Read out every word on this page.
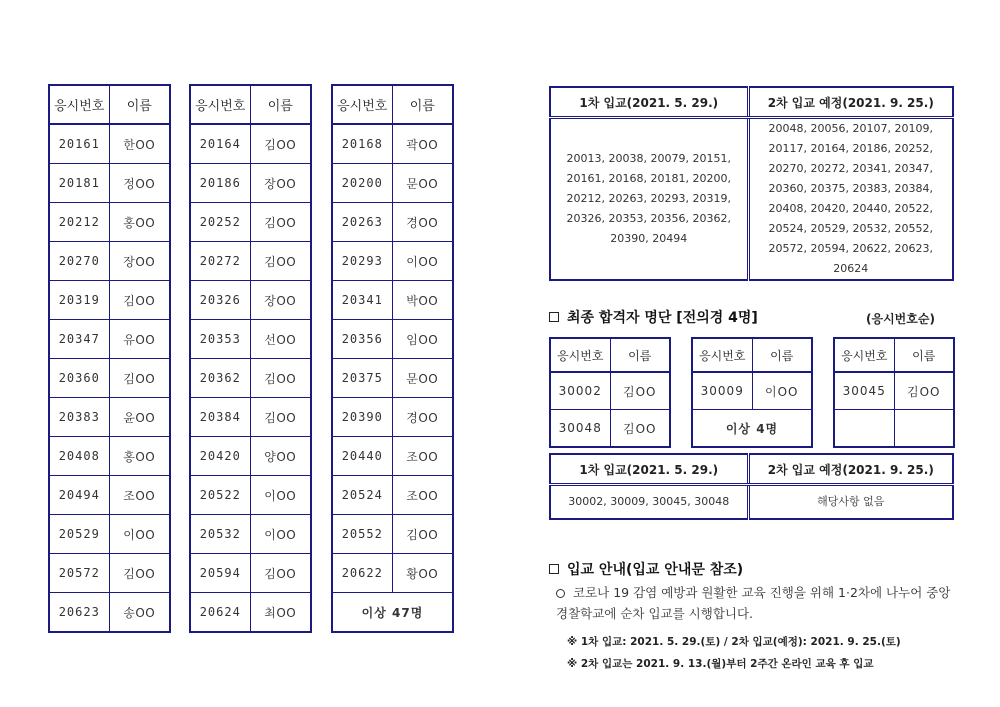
응시번호	이름
20161	한OO
20181	정OO
20212	홍OO
20270	장OO
20319	김OO
20347	유OO
20360	김OO
20383	윤OO
20408	홍OO
20494	조OO
20529	이OO
20572	김OO
20623	송OO
응시번호	이름
20164	김OO
20186	장OO
20252	김OO
20272	김OO
20326	장OO
20353	선OO
20362	김OO
20384	김OO
20420	양OO
20522	이OO
20532	이OO
20594	김OO
20624	최OO
응시번호	이름
20168	곽OO
20200	문OO
20263	경OO
20293	이OO
20341	박OO
20356	임OO
20375	문OO
20390	경OO
20440	조OO
20524	조OO
20552	김OO
20622	황OO
이상 47명	
1차 입교(2021. 5. 29.)	2차 입교 예정(2021. 9. 25.)
20013, 20038, 20079, 20151, 20161, 20168, 20181, 20200, 20212, 20263, 20293, 20319, 20326, 20353, 20356, 20362, 20390, 20494	20048, 20056, 20107, 20109, 20117, 20164, 20186, 20252, 20270, 20272, 20341, 20347, 20360, 20375, 20383, 20384, 20408, 20420, 20440, 20522, 20524, 20529, 20532, 20552, 20572, 20594, 20622, 20623, 20624
최종 합격자 명단 [전의경 4명]	(응시번호순)
응시번호	이름
30002	김OO
30048	김OO
응시번호	이름
30009	이OO
이상 4명	
응시번호	이름
30045	김OO

1차 입교(2021. 5. 29.)	2차 입교 예정(2021. 9. 25.)
30002, 30009, 30045, 30048	해당사항 없음
입교 안내(입교 안내문 참조)
코로나 19 감염 예방과 원활한 교육 진행을 위해 1·2차에 나누어 중앙경찰학교에 순차 입교를 시행합니다.
※ 1차 입교: 2021. 5. 29.(토) / 2차 입교(예정): 2021. 9. 25.(토)
※ 2차 입교는 2021. 9. 13.(월)부터 2주간 온라인 교육 후 입교
